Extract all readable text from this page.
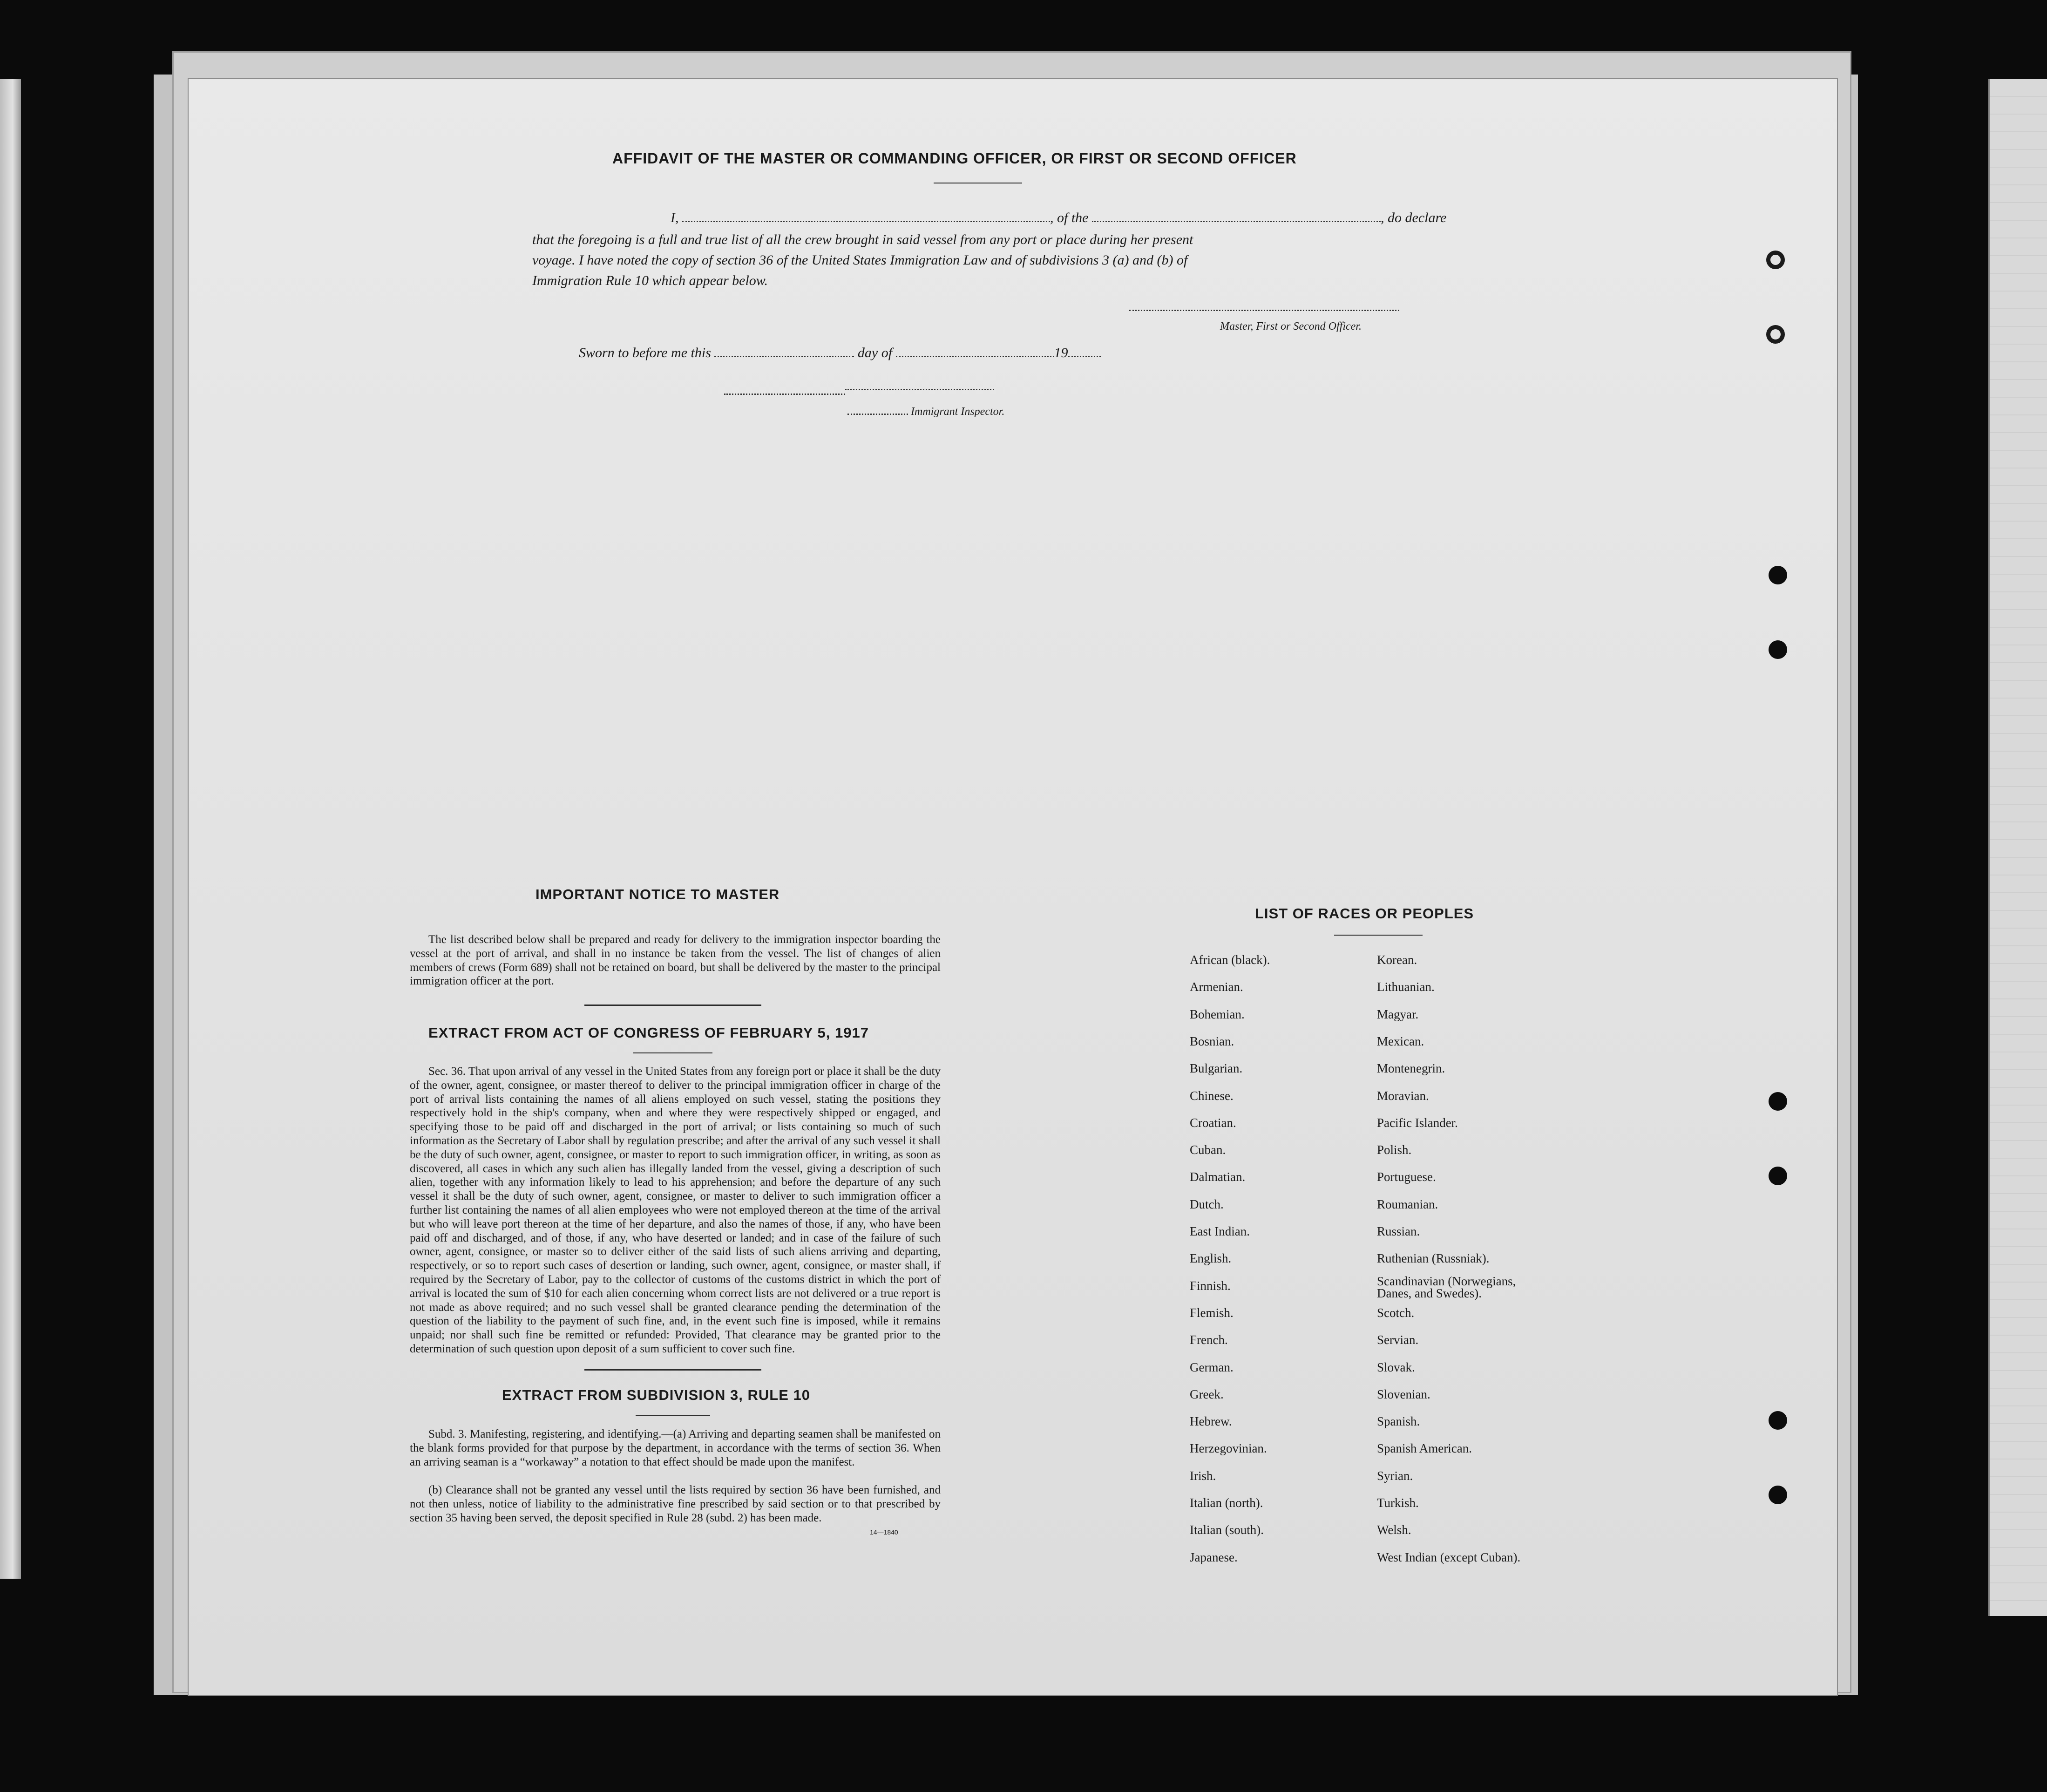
AFFIDAVIT OF THE MASTER OR COMMANDING OFFICER, OR FIRST OR SECOND OFFICER
I,	, of the	, do declare
that the foregoing is a full and true list of all the crew brought in said vessel from any port or place during her present
voyage. I have noted the copy of section 36 of the United States Immigration Law and of subdivisions 3 (a) and (b) of
Immigration Rule 10 which appear below.
Master, First or Second Officer.
Sworn to before me this	day of	19
Immigrant Inspector.
IMPORTANT NOTICE TO MASTER

The list described below shall be prepared and ready for delivery to the immigration inspector boarding the vessel at the port of arrival, and shall in no instance be taken from the vessel. The list of changes of alien members of crews (Form 689) shall not be retained on board, but shall be delivered by the master to the principal immigration officer at the port.

EXTRACT FROM ACT OF CONGRESS OF FEBRUARY 5, 1917

Sec. 36. That upon arrival of any vessel in the United States from any foreign port or place it shall be the duty of the owner, agent, consignee, or master thereof to deliver to the principal immigration officer in charge of the port of arrival lists containing the names of all aliens employed on such vessel, stating the positions they respectively hold in the ship's company, when and where they were respectively shipped or engaged, and specifying those to be paid off and discharged in the port of arrival; or lists containing so much of such information as the Secretary of Labor shall by regulation prescribe; and after the arrival of any such vessel it shall be the duty of such owner, agent, consignee, or master to report to such immigration officer, in writing, as soon as discovered, all cases in which any such alien has illegally landed from the vessel, giving a description of such alien, together with any information likely to lead to his apprehension; and before the departure of any such vessel it shall be the duty of such owner, agent, consignee, or master to deliver to such immigration officer a further list containing the names of all alien employees who were not employed thereon at the time of the arrival but who will leave port thereon at the time of her departure, and also the names of those, if any, who have been paid off and discharged, and of those, if any, who have deserted or landed; and in case of the failure of such owner, agent, consignee, or master so to deliver either of the said lists of such aliens arriving and departing, respectively, or so to report such cases of desertion or landing, such owner, agent, consignee, or master shall, if required by the Secretary of Labor, pay to the collector of customs of the customs district in which the port of arrival is located the sum of $10 for each alien concerning whom correct lists are not delivered or a true report is not made as above required; and no such vessel shall be granted clearance pending the determination of the question of the liability to the payment of such fine, and, in the event such fine is imposed, while it remains unpaid; nor shall such fine be remitted or refunded: Provided, That clearance may be granted prior to the determination of such question upon deposit of a sum sufficient to cover such fine.

EXTRACT FROM SUBDIVISION 3, RULE 10

Subd. 3. Manifesting, registering, and identifying.—(a) Arriving and departing seamen shall be manifested on the blank forms provided for that purpose by the department, in accordance with the terms of section 36. When an arriving seaman is a “workaway” a notation to that effect should be made upon the manifest.

(b) Clearance shall not be granted any vessel until the lists required by section 36 have been furnished, and not then unless, notice of liability to the administrative fine prescribed by said section or to that prescribed by section 35 having been served, the deposit specified in Rule 28 (subd. 2) has been made.

14—1840
LIST OF RACES OR PEOPLES
African (black).
Armenian.
Bohemian.
Bosnian.
Bulgarian.
Chinese.
Croatian.
Cuban.
Dalmatian.
Dutch.
East Indian.
English.
Finnish.
Flemish.
French.
German.
Greek.
Hebrew.
Herzegovinian.
Irish.
Italian (north).
Italian (south).
Japanese.
Korean.
Lithuanian.
Magyar.
Mexican.
Montenegrin.
Moravian.
Pacific Islander.
Polish.
Portuguese.
Roumanian.
Russian.
Ruthenian (Russniak).
Scandinavian (Norwegians, Danes, and Swedes).
Scotch.
Servian.
Slovak.
Slovenian.
Spanish.
Spanish American.
Syrian.
Turkish.
Welsh.
West Indian (except Cuban).
